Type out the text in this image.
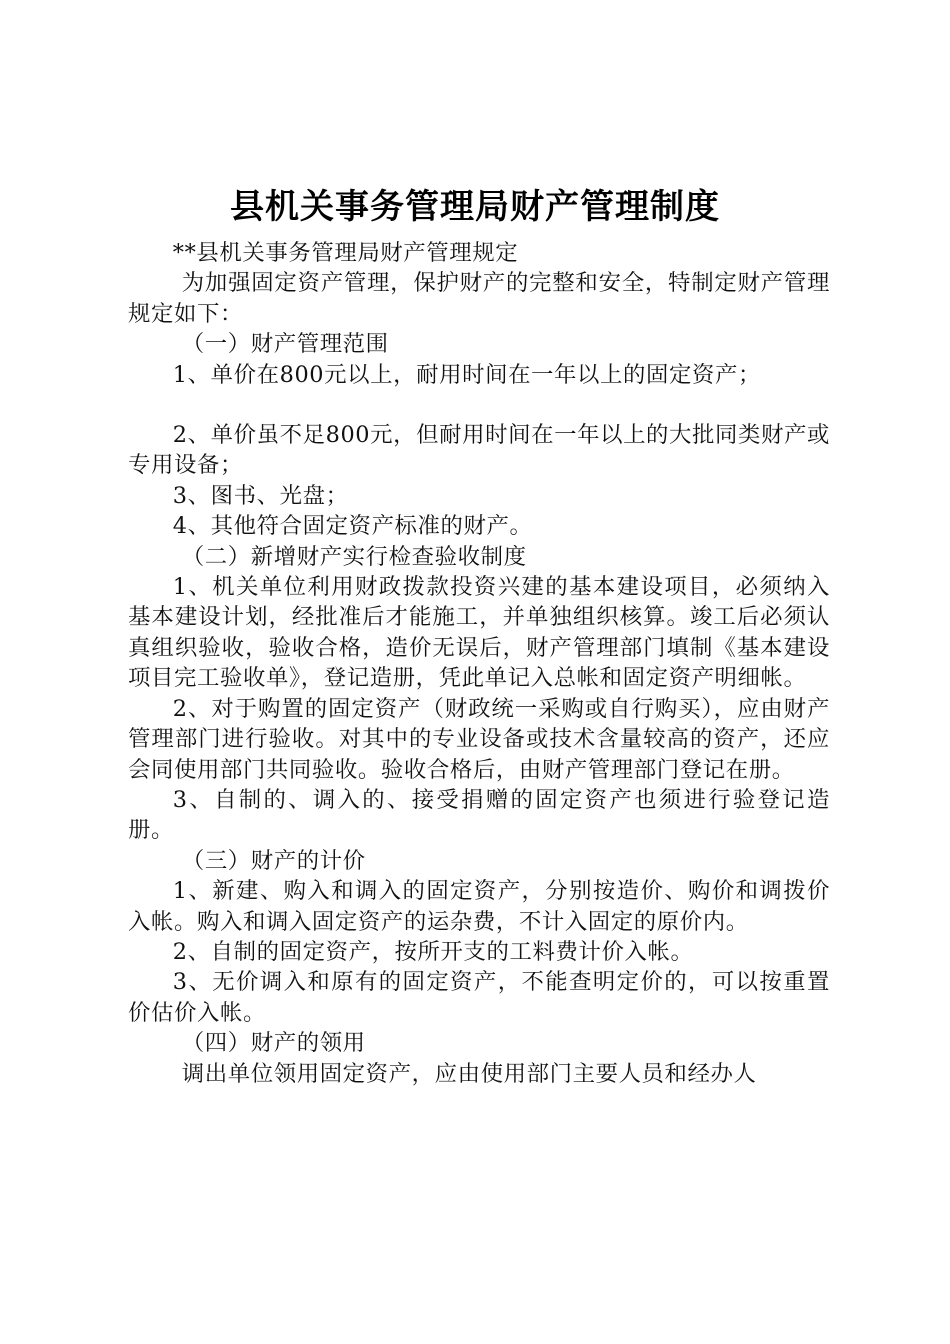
县机关事务管理局财产管理制度

**县机关事务管理局财产管理规定

为加强固定资产管理，保护财产的完整和安全，特制定财产管理规定如下：

（一）财产管理范围

1、单价在800元以上，耐用时间在一年以上的固定资产；

2、单价虽不足800元，但耐用时间在一年以上的大批同类财产或专用设备；

3、图书、光盘；

4、其他符合固定资产标准的财产。

（二）新增财产实行检查验收制度

1、机关单位利用财政拨款投资兴建的基本建设项目，必须纳入基本建设计划，经批准后才能施工，并单独组织核算。竣工后必须认真组织验收，验收合格，造价无误后，财产管理部门填制《基本建设项目完工验收单》，登记造册，凭此单记入总帐和固定资产明细帐。

2、对于购置的固定资产（财政统一采购或自行购买），应由财产管理部门进行验收。对其中的专业设备或技术含量较高的资产，还应会同使用部门共同验收。验收合格后，由财产管理部门登记在册。

3、自制的、调入的、接受捐赠的固定资产也须进行验登记造册。

（三）财产的计价

1、新建、购入和调入的固定资产，分别按造价、购价和调拨价入帐。购入和调入固定资产的运杂费，不计入固定的原价内。

2、自制的固定资产，按所开支的工料费计价入帐。

3、无价调入和原有的固定资产，不能查明定价的，可以按重置价估价入帐。

（四）财产的领用

调出单位领用固定资产，应由使用部门主要人员和经办人
